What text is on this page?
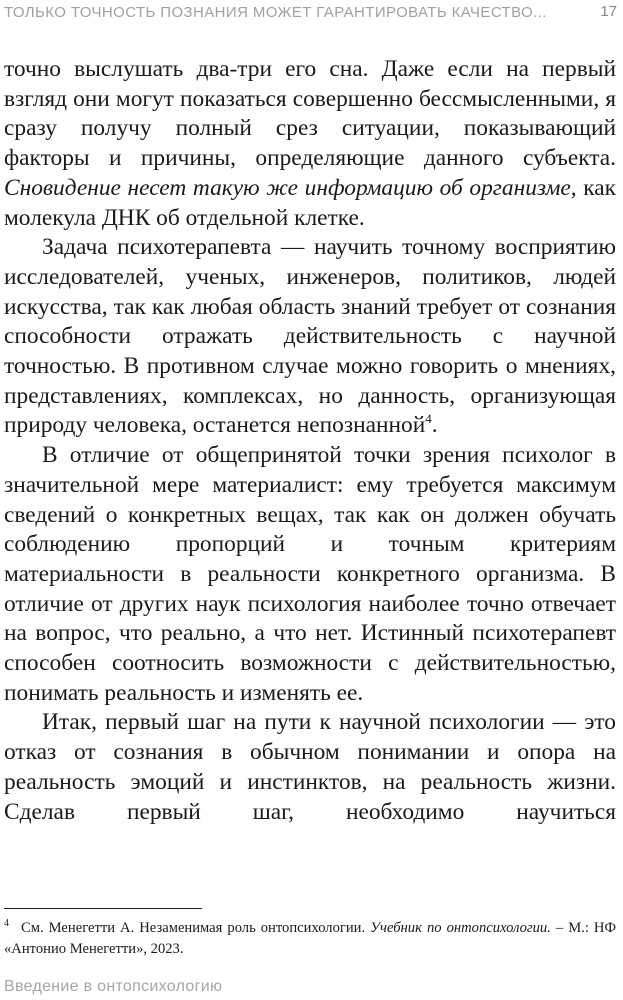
ТОЛЬКО ТОЧНОСТЬ ПОЗНАНИЯ МОЖЕТ ГАРАНТИРОВАТЬ КАЧЕСТВО...	17

точно выслушать два-три его сна. Даже если на первый взгляд они могут показаться совершенно бессмысленными, я сразу получу полный срез ситуации, показывающий факторы и причины, определяющие данного субъекта. Сновидение несет такую же информацию об организме, как молекула ДНК об отдельной клетке.

Задача психотерапевта — научить точному восприятию исследователей, ученых, инженеров, политиков, людей искусства, так как любая область знаний требует от сознания способности отражать действительность с научной точностью. В противном случае можно говорить о мнениях, представлениях, комплексах, но данность, организующая природу человека, останется непознанной$^4$.

В отличие от общепринятой точки зрения психолог в значительной мере материалист: ему требуется максимум сведений о конкретных вещах, так как он должен обучать соблюдению пропорций и точным критериям материальности в реальности конкретного организма. В отличие от других наук психология наиболее точно отвечает на вопрос, что реально, а что нет. Истинный психотерапевт способен соотносить возможности с действительностью, понимать реальность и изменять ее.

Итак, первый шаг на пути к научной психологии — это отказ от сознания в обычном понимании и опора на реальность эмоций и инстинктов, на реальность жизни. Сделав первый шаг, необходимо научиться

$^4$ См. Менегетти А. Незаменимая роль онтопсихологии. Учебник по онтопсихологии. – М.: НФ «Антонио Менегетти», 2023.
Введение в онтопсихологию
